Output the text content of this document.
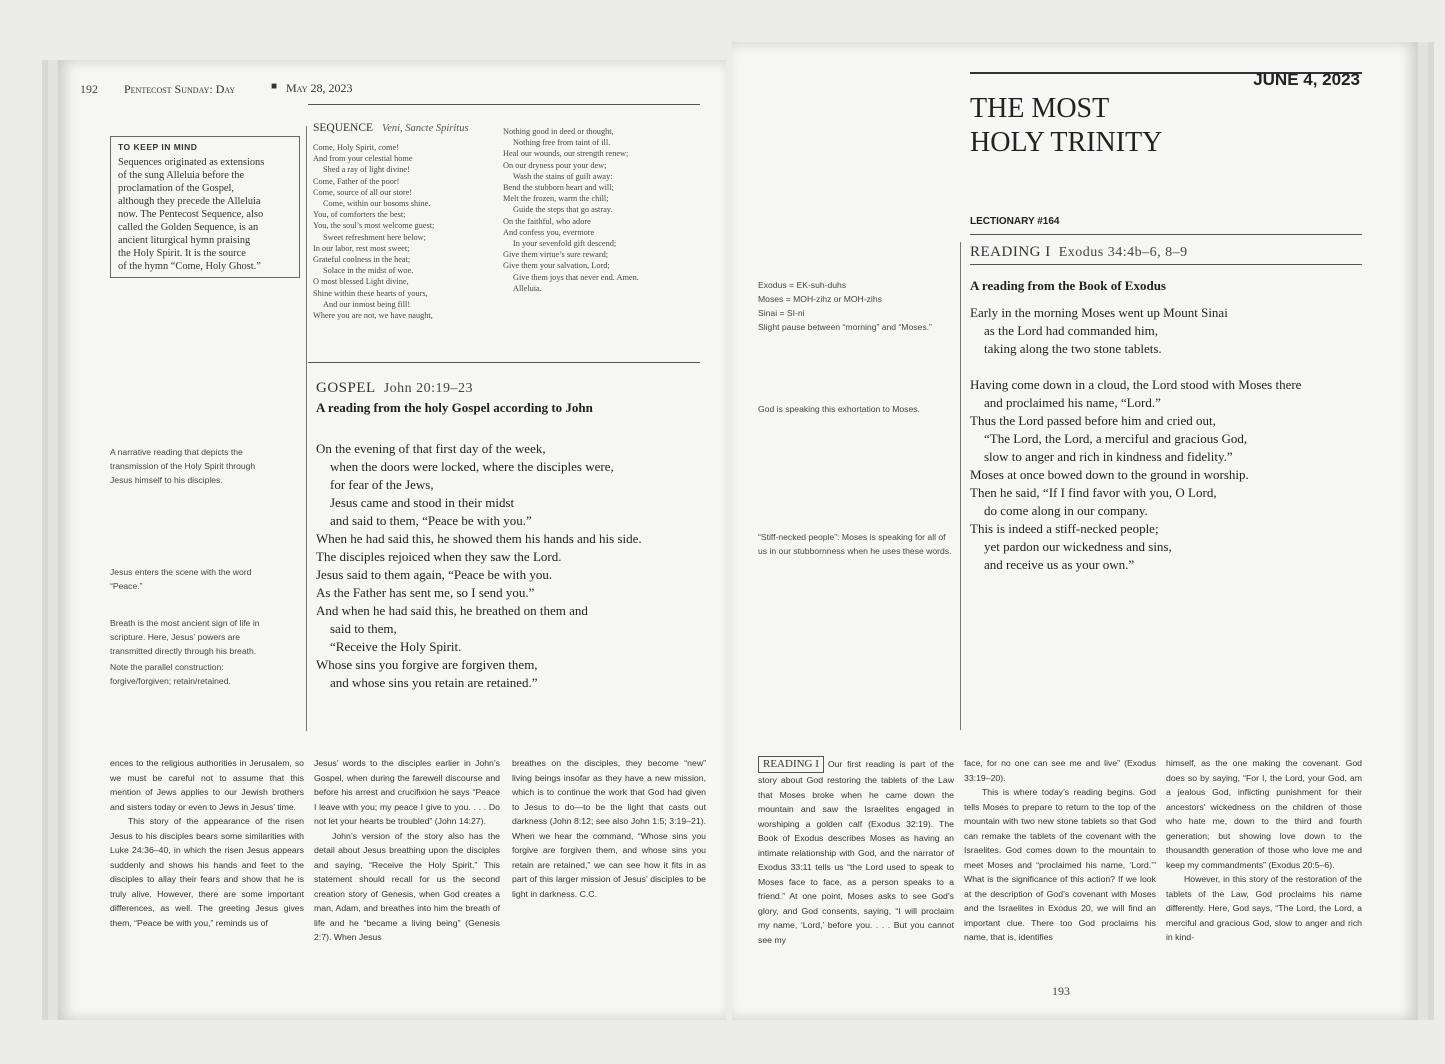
192 Pentecost Sunday: Day	■ May 28, 2023
TO KEEP IN MIND
Sequences originated as extensions
of the sung Alleluia before the
proclamation of the Gospel,
although they precede the Alleluia
now. The Pentecost Sequence, also
called the Golden Sequence, is an
ancient liturgical hymn praising
the Holy Spirit. It is the source
of the hymn “Come, Holy Ghost.”
SEQUENCE Veni, Sancte Spiritus
Come, Holy Spirit, come!
And from your celestial home
Shed a ray of light divine!
Come, Father of the poor!
Come, source of all our store!
Come, within our bosoms shine.
You, of comforters the best;
You, the soul’s most welcome guest;
Sweet refreshment here below;
In our labor, rest most sweet;
Grateful coolness in the heat;
Solace in the midst of woe.
O most blessed Light divine,
Shine within these hearts of yours,
And our inmost being fill!
Where you are not, we have naught,
Nothing good in deed or thought,
Nothing free from taint of ill.
Heal our wounds, our strength renew;
On our dryness pour your dew;
Wash the stains of guilt away:
Bend the stubborn heart and will;
Melt the frozen, warm the chill;
Guide the steps that go astray.
On the faithful, who adore
And confess you, evermore
In your sevenfold gift descend;
Give them virtue’s sure reward;
Give them your salvation, Lord;
Give them joys that never end. Amen.
Alleluia.
GOSPEL John 20:19–23
A reading from the holy Gospel according to John
On the evening of that first day of the week,
when the doors were locked, where the disciples were,
for fear of the Jews,
Jesus came and stood in their midst
and said to them, “Peace be with you.”
When he had said this, he showed them his hands and his side.
The disciples rejoiced when they saw the Lord.
Jesus said to them again, “Peace be with you.
As the Father has sent me, so I send you.”
And when he had said this, he breathed on them and
said to them,
“Receive the Holy Spirit.
Whose sins you forgive are forgiven them,
and whose sins you retain are retained.”
A narrative reading that depicts the transmission of the Holy Spirit through Jesus himself to his disciples.
Jesus enters the scene with the word “Peace.”
Breath is the most ancient sign of life in scripture. Here, Jesus’ powers are transmitted directly through his breath.
Note the parallel construction: forgive/forgiven; retain/retained.

ences to the religious authorities in Jerusalem, so we must be careful not to assume that this mention of Jews applies to our Jewish brothers and sisters today or even to Jews in Jesus’ time.

This story of the appearance of the risen Jesus to his disciples bears some similarities with Luke 24:36–40, in which the risen Jesus appears suddenly and shows his hands and feet to the disciples to allay their fears and show that he is truly alive. However, there are some important differences, as well. The greeting Jesus gives them, “Peace be with you,” reminds us of

Jesus’ words to the disciples earlier in John’s Gospel, when during the farewell discourse and before his arrest and crucifixion he says “Peace I leave with you; my peace I give to you. . . . Do not let your hearts be troubled” (John 14:27).

John’s version of the story also has the detail about Jesus breathing upon the disciples and saying, “Receive the Holy Spirit.” This statement should recall for us the second creation story of Genesis, when God creates a man, Adam, and breathes into him the breath of life and he “became a living being” (Genesis 2:7). When Jesus

breathes on the disciples, they become “new” living beings insofar as they have a new mission, which is to continue the work that God had given to Jesus to do—to be the light that casts out darkness (John 8:12; see also John 1:5; 3:19–21). When we hear the command, “Whose sins you forgive are forgiven them, and whose sins you retain are retained,” we can see how it fits in as part of this larger mission of Jesus’ disciples to be light in darkness. C.C.

JUNE 4, 2023
THE MOST
HOLY TRINITY
LECTIONARY #164
READING I Exodus 34:4b–6, 8–9
A reading from the Book of Exodus
Early in the morning Moses went up Mount Sinai
as the Lord had commanded him,
taking along the two stone tablets.

Having come down in a cloud, the Lord stood with Moses there
and proclaimed his name, “Lord.”
Thus the Lord passed before him and cried out,
“The Lord, the Lord, a merciful and gracious God,
slow to anger and rich in kindness and fidelity.”
Moses at once bowed down to the ground in worship.
Then he said, “If I find favor with you, O Lord,
do come along in our company.
This is indeed a stiff-necked people;
yet pardon our wickedness and sins,
and receive us as your own.”
Exodus = EK-suh-duhs
Moses = MOH-zihz or MOH-zihs
Sinai = SI-ni
Slight pause between “morning” and “Moses.”
God is speaking this exhortation to Moses.
“Stiff-necked people”: Moses is speaking for all of us in our stubbornness when he uses these words.

READING I Our first reading is part of the story about God restoring the tablets of the Law that Moses broke when he came down the mountain and saw the Israelites engaged in worshiping a golden calf (Exodus 32:19). The Book of Exodus describes Moses as having an intimate relationship with God, and the narrator of Exodus 33:11 tells us “the Lord used to speak to Moses face to face, as a person speaks to a friend.” At one point, Moses asks to see God’s glory, and God consents, saying, “I will proclaim my name, ‘Lord,’ before you. . . . But you cannot see my

face, for no one can see me and live” (Exodus 33:19–20).

This is where today’s reading begins. God tells Moses to prepare to return to the top of the mountain with two new stone tablets so that God can remake the tablets of the covenant with the Israelites. God comes down to the mountain to meet Moses and “proclaimed his name, ‘Lord.’” What is the significance of this action? If we look at the description of God’s covenant with Moses and the Israelites in Exodus 20, we will find an important clue. There too God proclaims his name, that is, identifies

himself, as the one making the covenant. God does so by saying, “For I, the Lord, your God, am a jealous God, inflicting punishment for their ancestors’ wickedness on the children of those who hate me, down to the third and fourth generation; but showing love down to the thousandth generation of those who love me and keep my commandments” (Exodus 20:5–6).

However, in this story of the restoration of the tablets of the Law, God proclaims his name differently. Here, God says, “The Lord, the Lord, a merciful and gracious God, slow to anger and rich in kind-

193
